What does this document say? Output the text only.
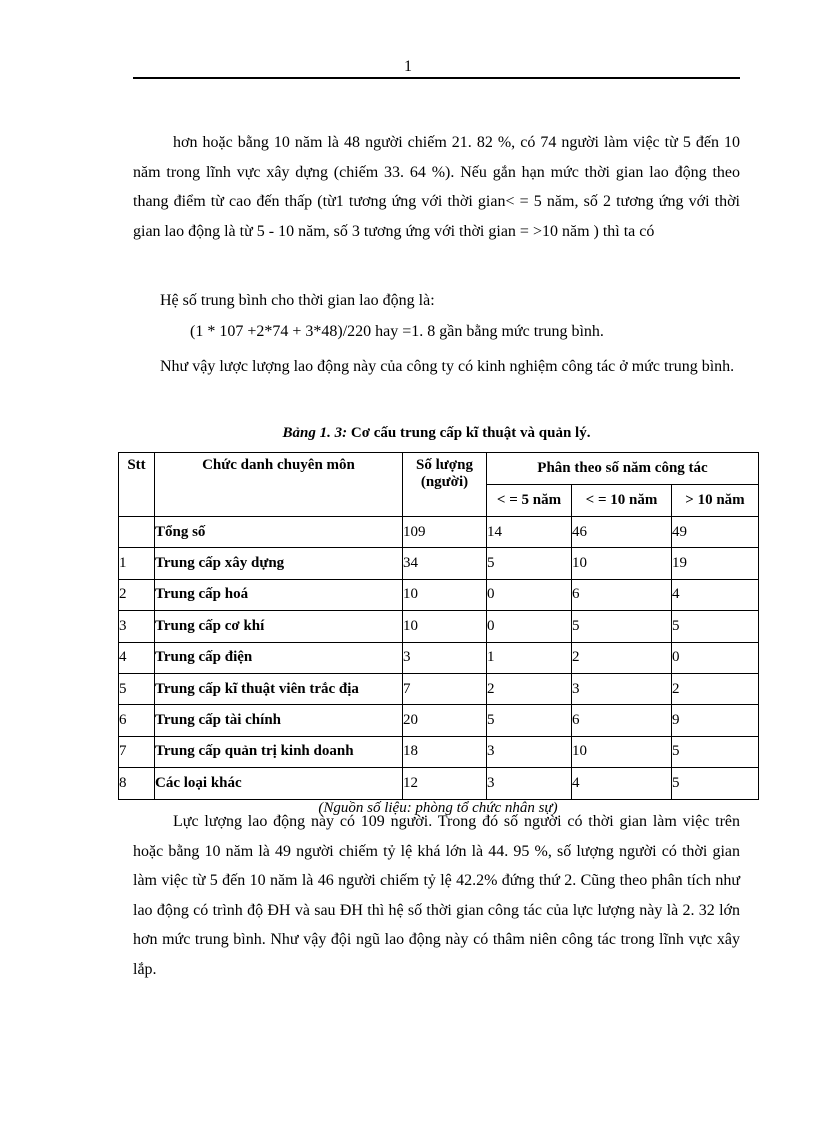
1

hơn hoặc bằng 10 năm là 48 người chiếm 21. 82 %, có 74 người làm việc từ 5 đến 10 năm trong lĩnh vực xây dựng (chiếm 33. 64 %). Nếu gắn hạn mức thời gian lao động theo thang điểm từ cao đến thấp (từ1 tương ứng với thời gian< = 5 năm, số 2 tương ứng với thời gian lao động là từ 5 - 10 năm, số 3 tương ứng với thời gian = >10 năm ) thì ta có

Hệ số trung bình cho thời gian lao động là:

(1 * 107 +2*74 + 3*48)/220 hay =1. 8 gần bằng mức trung bình.

Như vậy lược lượng lao động này của công ty có kinh nghiệm công tác ở mức trung bình.

Bảng 1. 3: Cơ cấu trung cấp kĩ thuật và quản lý.
Stt	Chức danh chuyên môn	Số lượng (người)	Phân theo số năm công tác		
			< = 5 năm	< = 10 năm	> 10 năm
	Tổng số	109	14	46	49
1	Trung cấp xây dựng	34	5	10	19
2	Trung cấp hoá	10	0	6	4
3	Trung cấp cơ khí	10	0	5	5
4	Trung cấp điện	3	1	2	0
5	Trung cấp kĩ thuật viên trắc địa	7	2	3	2
6	Trung cấp tài chính	20	5	6	9
7	Trung cấp quản trị kinh doanh	18	3	10	5
8	Các loại khác	12	3	4	5
(Nguồn số liệu: phòng tổ chức nhân sự)

Lực lượng lao động này có 109 người. Trong đó số người có thời gian làm việc trên hoặc bằng 10 năm là 49 người chiếm tỷ lệ khá lớn là 44. 95 %, số lượng người có thời gian làm việc từ 5 đến 10 năm là 46 người chiếm tỷ lệ 42.2% đứng thứ 2. Cũng theo phân tích như lao động có trình độ ĐH và sau ĐH thì hệ số thời gian công tác của lực lượng này là 2. 32 lớn hơn mức trung bình. Như vậy đội ngũ lao động này có thâm niên công tác trong lĩnh vực xây lắp.
